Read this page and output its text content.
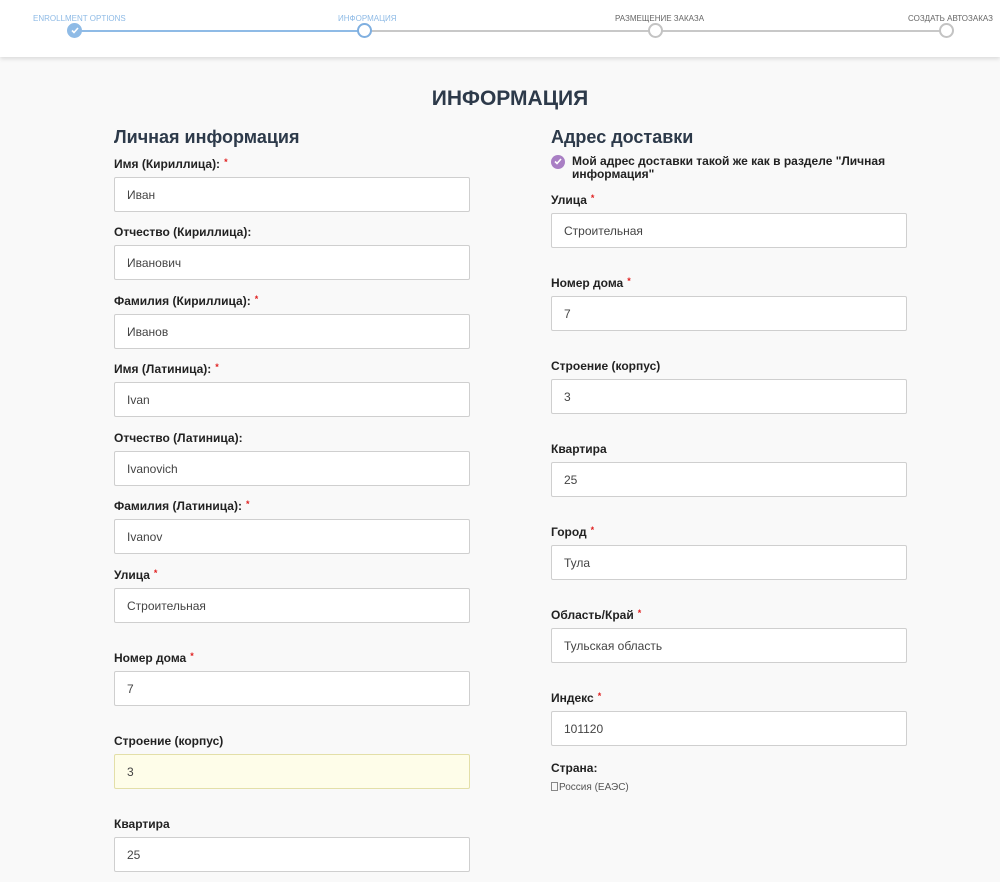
ENROLLMENT OPTIONS	ИНФОРМАЦИЯ	РАЗМЕЩЕНИЕ ЗАКАЗА	СОЗДАТЬ АВТОЗАКАЗ
ИНФОРМАЦИЯ
Личная информация
Имя (Кириллица): *
Иван
Отчество (Кириллица):
Иванович
Фамилия (Кириллица): *
Иванов
Имя (Латиница): *
Ivan
Отчество (Латиница):
Ivanovich
Фамилия (Латиница): *
Ivanov
Улица *
Строительная
Номер дома *
7
Строение (корпус)
3
Квартира
25
Адрес доставки
Мой адрес доставки такой же как в разделе "Личная информация"
Улица *
Строительная
Номер дома *
7
Строение (корпус)
3
Квартира
25
Город *
Тула
Область/Край *
Тульская область
Индекс *
101120
Страна:
Россия (ЕАЭС)
